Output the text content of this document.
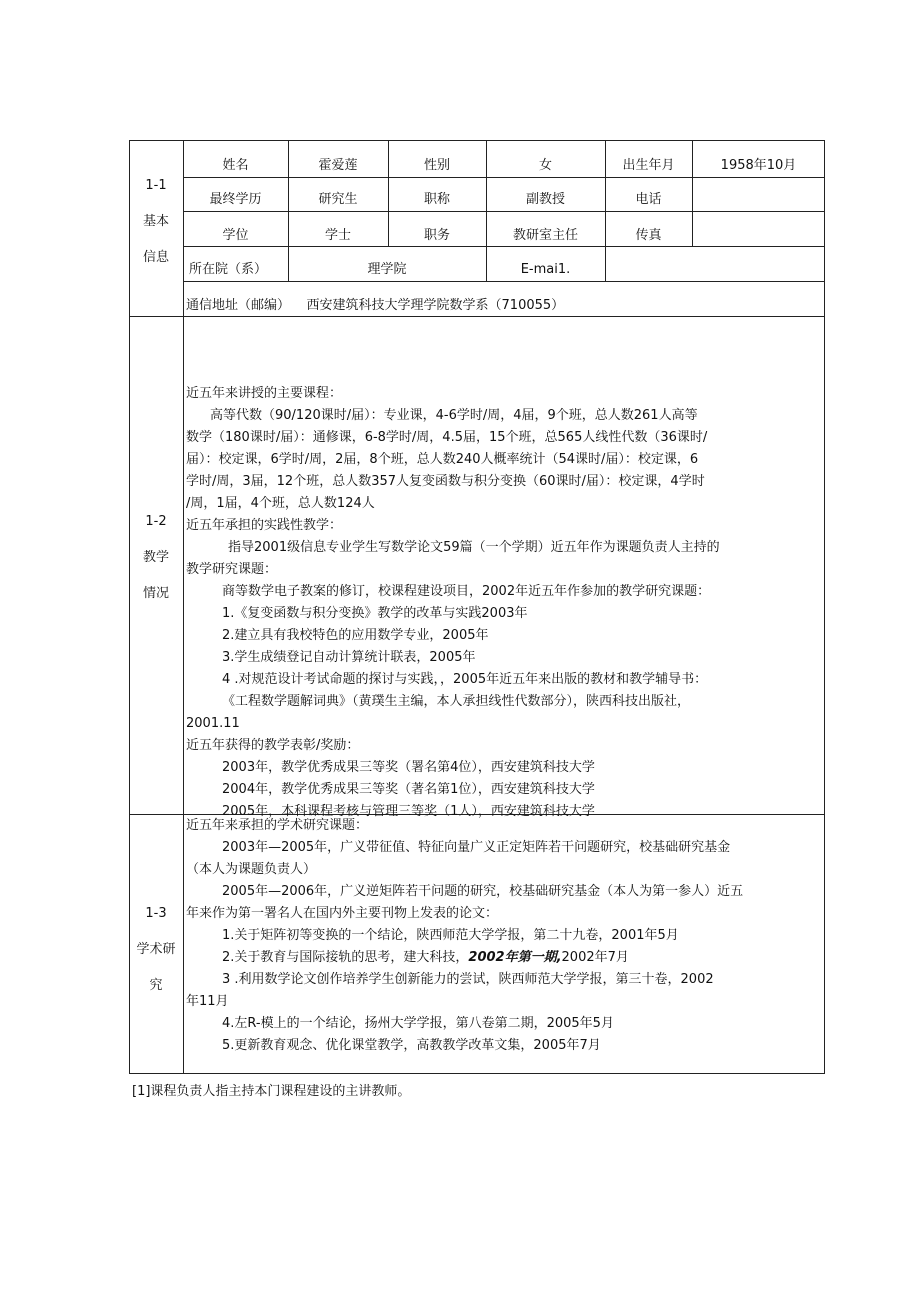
1-1
基本
信息
姓名	霍爱莲	性别	女	出生年月	1958年10月
最终学历	研究生	职称	副教授	电话
学位	学士	职务	教研室主任	传真
所在院（系）	理学院	E-mai1.
通信地址（邮编）    西安建筑科技大学理学院数学系（710055）
1-2
教学
情况
近五年来讲授的主要课程：
高等代数（90/120课时/届）：专业课，4-6学时/周，4届，9个班，总人数261人高等
数学（180课时/届）：通修课，6-8学时/周，4.5届，15个班，总565人线性代数（36课时/
届）：校定课，6学时/周，2届，8个班，总人数240人概率统计（54课时/届）：校定课，6
学时/周，3届，12个班，总人数357人复变函数与积分变换（60课时/届）：校定课，4学时
/周，1届，4个班，总人数124人
近五年承担的实践性教学：
指导2001级信息专业学生写数学论文59篇（一个学期）近五年作为课题负责人主持的
教学研究课题：
商等数学电子教案的修订，校课程建设项目，2002年近五年作参加的教学研究课题：
1.《复变函数与积分变换》教学的改革与实践2003年
2.建立具有我校特色的应用数学专业，2005年
3.学生成绩登记自动计算统计联表，2005年
4 .对规范设计考试命题的探讨与实践，，2005年近五年来出版的教材和教学辅导书：
《工程数学题解词典》（黄璞生主编，本人承担线性代数部分），陕西科技出版社，
2001.11
近五年获得的教学表彰/奖励：
2003年，教学优秀成果三等奖（署名第4位），西安建筑科技大学
2004年，教学优秀成果三等奖（著名第1位），西安建筑科技大学
2005年，本科课程考核与管理三等奖（1人），西安建筑科技大学
1-3
学术研
究
近五年来承担的学术研究课题：
2003年—2005年，广义带征值、特征向量广义正定矩阵若干问题研究，校基础研究基金
（本人为课题负责人）
2005年—2006年，广义逆矩阵若干问题的研究，校基础研究基金（本人为第一参人）近五
年来作为第一署名人在国内外主要刊物上发表的论文：
1.关于矩阵初等变换的一个结论，陕西师范大学学报，第二十九卷，2001年5月
2.关于教育与国际接轨的思考，建大科技，2002年第一期,2002年7月
3 .利用数学论文创作培养学生创新能力的尝试，陕西师范大学学报，第三十卷，2002
年11月
4.左R-模上的一个结论，扬州大学学报，第八卷第二期，2005年5月
5.更新教育观念、优化课堂教学，高教教学改革文集，2005年7月
[1]课程负责人指主持本门课程建设的主讲教师。
